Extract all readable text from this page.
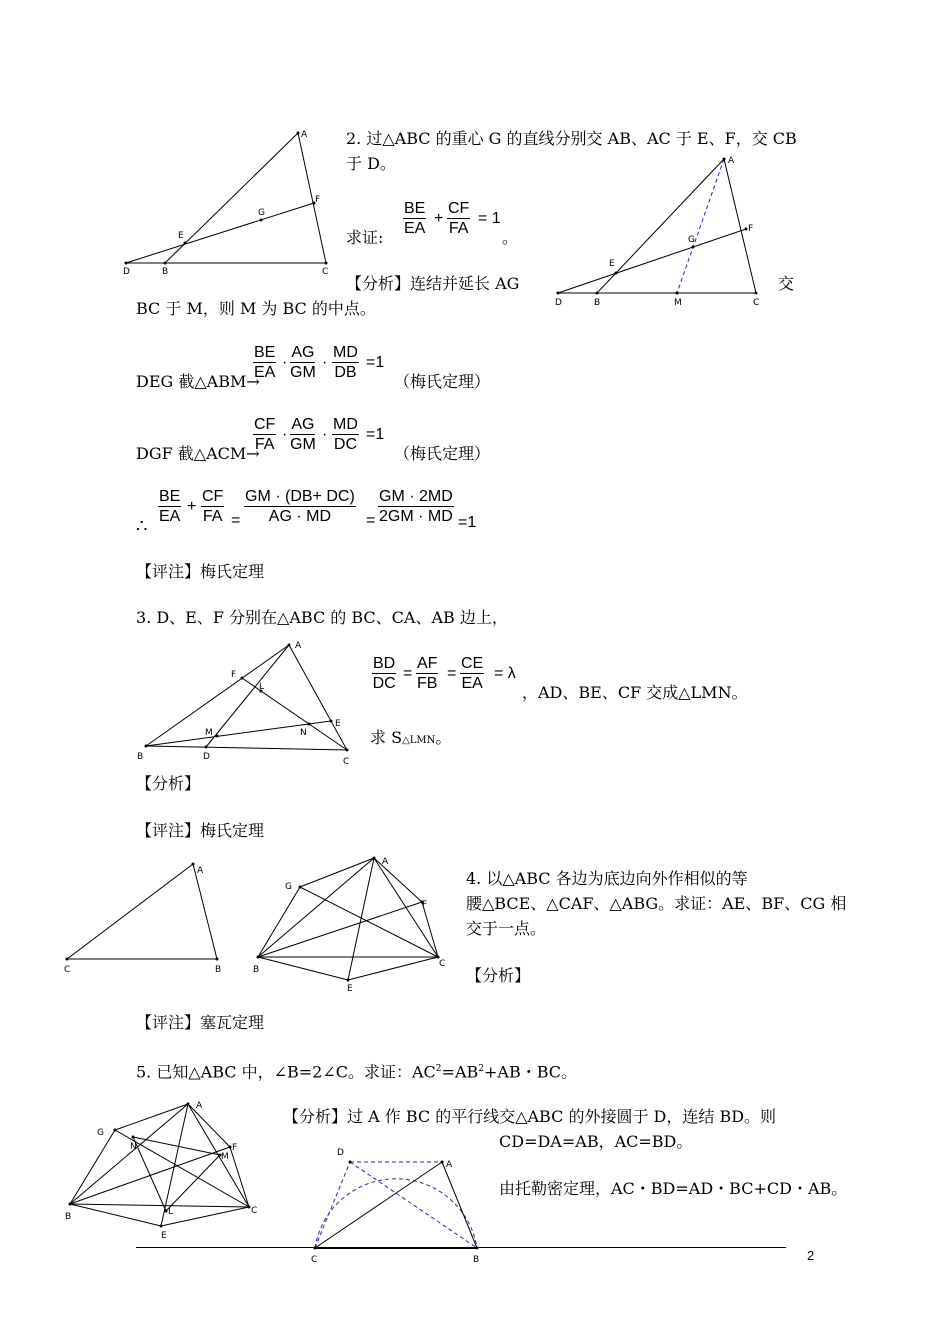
2. 过△ABC 的重心 G 的直线分别交 AB、AC 于 E、F，交 CB
于 D。
求证: $\frac{BE}{EA} + \frac{CF}{FA} = 1$
。
【分析】连结并延长 AG	交
BC 于 M，则 M 为 BC 的中点。
DEG 截△ABM→
$\frac{BE}{EA} \cdot \frac{AG}{GM} \cdot \frac{MD}{DB} =1$
（梅氏定理）
DGF 截△ACM→
$\frac{CF}{FA} \cdot \frac{AG}{GM} \cdot \frac{MD}{DC} =1$
（梅氏定理）
∴
$\frac{BE}{EA} + \frac{CF}{FA} = \frac{GM \cdot (DB+ DC)}{AG \cdot MD} = \frac{GM \cdot 2MD}{2GM \cdot MD} =1$
【评注】梅氏定理
A
F
G
E
D	B	C
A
F
G
E
D	B	M	C
3. D、E、F 分别在△ABC 的 BC、CA、AB 边上，
$\frac{BD}{DC} = \frac{AF}{FB} = \frac{CE}{EA} = \lambda$
，AD、BE、CF 交成△LMN。
求 S△LMN。
【分析】
【评注】梅氏定理
A
F
L
E
N
M
B	D	C
4. 以△ABC 各边为底边向外作相似的等
腰△BCE、△CAF、△ABG。求证：AE、BF、CG 相
交于一点。
【分析】
【评注】塞瓦定理
A
C	B
A
G
F
B
C
E
5. 已知△ABC 中，∠B=2∠C。求证：$AC^2=AB^2+AB$・BC。
【分析】过 A 作 BC 的平行线交△ABC 的外接圆于 D，连结 BD。则
CD=DA=AB，AC=BD。
由托勒密定理，AC・BD=AD・BC+CD・AB。
A
G
N	F
M
L
B
C
E
D
A
C	B	2
